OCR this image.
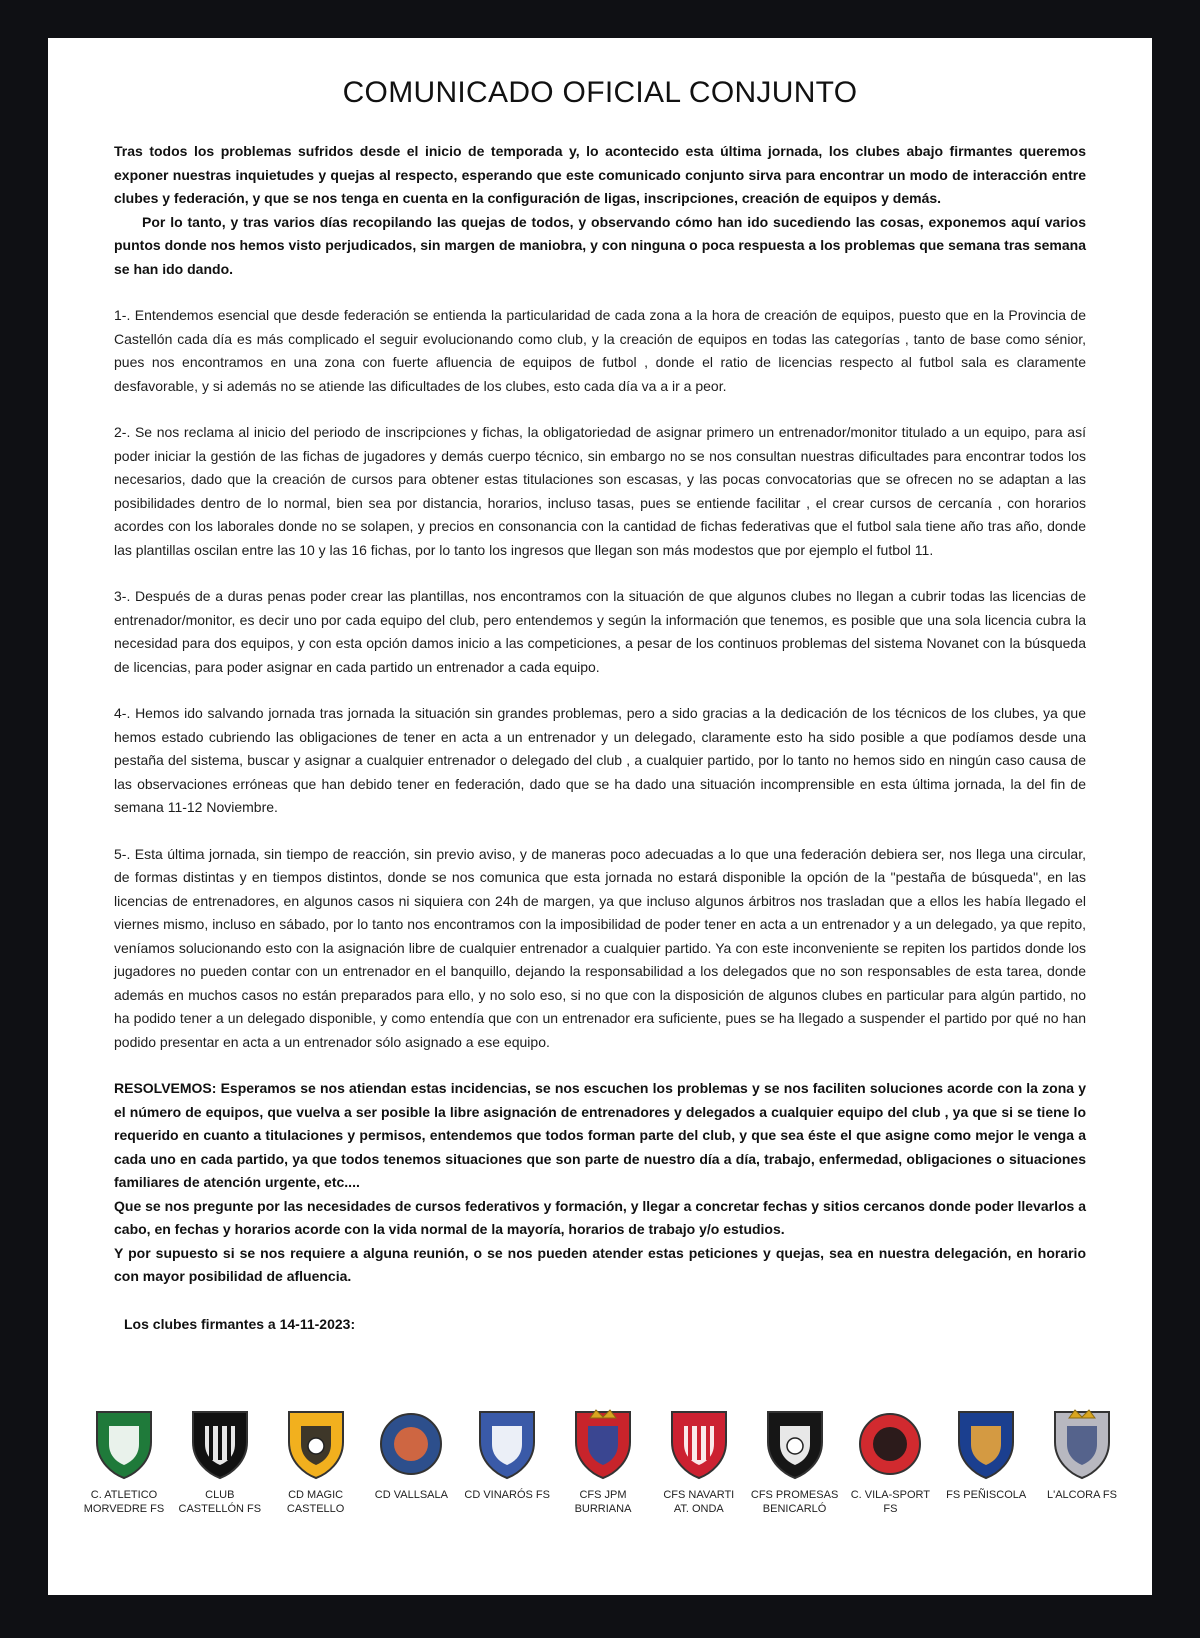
COMUNICADO OFICIAL CONJUNTO

Tras todos los problemas sufridos desde el inicio de temporada y, lo acontecido esta última jornada, los clubes abajo firmantes queremos exponer nuestras inquietudes y quejas al respecto, esperando que este comunicado conjunto sirva para encontrar un modo de interacción entre clubes y federación, y que se nos tenga en cuenta en la configuración de ligas, inscripciones, creación de equipos y demás.

Por lo tanto, y tras varios días recopilando las quejas de todos, y observando cómo han ido sucediendo las cosas, exponemos aquí varios puntos donde nos hemos visto perjudicados, sin margen de maniobra, y con ninguna o poca respuesta a los problemas que semana tras semana se han ido dando.

1-. Entendemos esencial que desde federación se entienda la particularidad de cada zona a la hora de creación de equipos, puesto que en la Provincia de Castellón cada día es más complicado el seguir evolucionando como club, y la creación de equipos en todas las categorías , tanto de base como sénior, pues nos encontramos en una zona con fuerte afluencia de equipos de futbol , donde el ratio de licencias respecto al futbol sala es claramente desfavorable, y si además no se atiende las dificultades de los clubes, esto cada día va a ir a peor.

2-. Se nos reclama al inicio del periodo de inscripciones y fichas, la obligatoriedad de asignar primero un entrenador/monitor titulado a un equipo, para así poder iniciar la gestión de las fichas de jugadores y demás cuerpo técnico, sin embargo no se nos consultan nuestras dificultades para encontrar todos los necesarios, dado que la creación de cursos para obtener estas titulaciones son escasas, y las pocas convocatorias que se ofrecen no se adaptan a las posibilidades dentro de lo normal, bien sea por distancia, horarios, incluso tasas, pues se entiende facilitar , el crear cursos de cercanía , con horarios acordes con los laborales donde no se solapen, y precios en consonancia con la cantidad de fichas federativas que el futbol sala tiene año tras año, donde las plantillas oscilan entre las 10 y las 16 fichas, por lo tanto los ingresos que llegan son más modestos que por ejemplo el futbol 11.

3-. Después de a duras penas poder crear las plantillas, nos encontramos con la situación de que algunos clubes no llegan a cubrir todas las licencias de entrenador/monitor, es decir uno por cada equipo del club, pero entendemos y según la información que tenemos, es posible que una sola licencia cubra la necesidad para dos equipos, y con esta opción damos inicio a las competiciones, a pesar de los continuos problemas del sistema Novanet con la búsqueda de licencias, para poder asignar en cada partido un entrenador a cada equipo.

4-. Hemos ido salvando jornada tras jornada la situación sin grandes problemas, pero a sido gracias a la dedicación de los técnicos de los clubes, ya que hemos estado cubriendo las obligaciones de tener en acta a un entrenador y un delegado, claramente esto ha sido posible a que podíamos desde una pestaña del sistema, buscar y asignar a cualquier entrenador o delegado del club , a cualquier partido, por lo tanto no hemos sido en ningún caso causa de las observaciones erróneas que han debido tener en federación, dado que se ha dado una situación incomprensible en esta última jornada, la del fin de semana 11-12 Noviembre.

5-. Esta última jornada, sin tiempo de reacción, sin previo aviso, y de maneras poco adecuadas a lo que una federación debiera ser, nos llega una circular, de formas distintas y en tiempos distintos, donde se nos comunica que esta jornada no estará disponible la opción de la "pestaña de búsqueda", en las licencias de entrenadores, en algunos casos ni siquiera con 24h de margen, ya que incluso algunos árbitros nos trasladan que a ellos les había llegado el viernes mismo, incluso en sábado, por lo tanto nos encontramos con la imposibilidad de poder tener en acta a un entrenador y a un delegado, ya que repito, veníamos solucionando esto con la asignación libre de cualquier entrenador a cualquier partido. Ya con este inconveniente se repiten los partidos donde los jugadores no pueden contar con un entrenador en el banquillo, dejando la responsabilidad a los delegados que no son responsables de esta tarea, donde además en muchos casos no están preparados para ello, y no solo eso, si no que con la disposición de algunos clubes en particular para algún partido, no ha podido tener a un delegado disponible, y como entendía que con un entrenador era suficiente, pues se ha llegado a suspender el partido por qué no han podido presentar en acta a un entrenador sólo asignado a ese equipo.

RESOLVEMOS: Esperamos se nos atiendan estas incidencias, se nos escuchen los problemas y se nos faciliten soluciones acorde con la zona y el número de equipos, que vuelva a ser posible la libre asignación de entrenadores y delegados a cualquier equipo del club , ya que si se tiene lo requerido en cuanto a titulaciones y permisos, entendemos que todos forman parte del club, y que sea éste el que asigne como mejor le venga a cada uno en cada partido, ya que todos tenemos situaciones que son parte de nuestro día a día, trabajo, enfermedad, obligaciones o situaciones familiares de atención urgente, etc....

Que se nos pregunte por las necesidades de cursos federativos y formación, y llegar a concretar fechas y sitios cercanos donde poder llevarlos a cabo, en fechas y horarios acorde con la vida normal de la mayoría, horarios de trabajo y/o estudios.

Y por supuesto si se nos requiere a alguna reunión, o se nos pueden atender estas peticiones y quejas, sea en nuestra delegación, en horario con mayor posibilidad de afluencia.

Los clubes firmantes a 14-11-2023:
C. ATLETICO
MORVEDRE FS
CLUB
CASTELLÓN FS
CD MAGIC
CASTELLO
CD VALLSALA	CD VINARÓS FS	CFS JPM
BURRIANA
CFS NAVARTI
AT. ONDA
CFS PROMESAS
BENICARLÓ
C. VILA-SPORT FS
FS PEÑISCOLA	L'ALCORA FS
